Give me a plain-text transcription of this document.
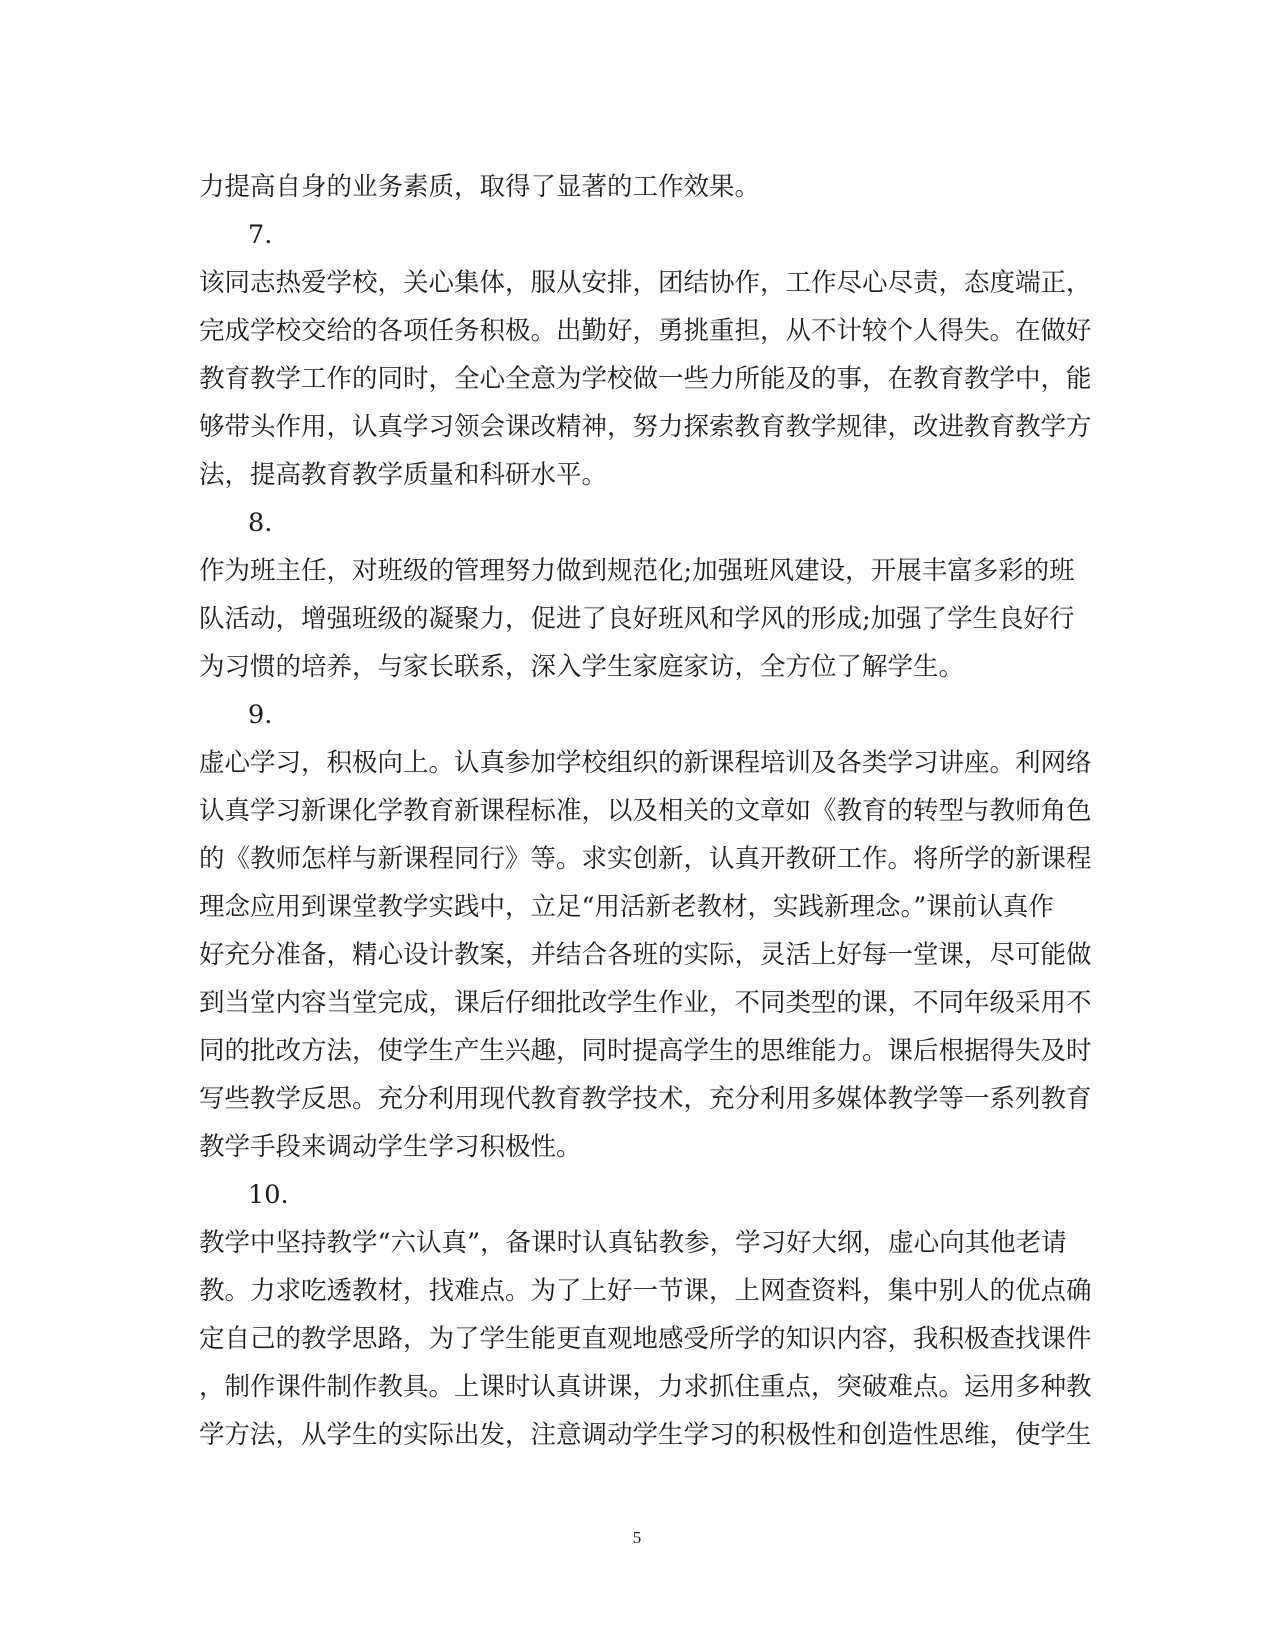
力提高自身的业务素质，取得了显著的工作效果。
7.
该同志热爱学校，关心集体，服从安排，团结协作，工作尽心尽责，态度端正，
完成学校交给的各项任务积极。出勤好，勇挑重担，从不计较个人得失。在做好
教育教学工作的同时，全心全意为学校做一些力所能及的事，在教育教学中，能
够带头作用，认真学习领会课改精神，努力探索教育教学规律，改进教育教学方
法，提高教育教学质量和科研水平。
8.
作为班主任，对班级的管理努力做到规范化;加强班风建设，开展丰富多彩的班
队活动，增强班级的凝聚力，促进了良好班风和学风的形成;加强了学生良好行
为习惯的培养，与家长联系，深入学生家庭家访，全方位了解学生。
9.
虚心学习，积极向上。认真参加学校组织的新课程培训及各类学习讲座。利网络
认真学习新课化学教育新课程标准，以及相关的文章如《教育的转型与教师角色
的《教师怎样与新课程同行》等。求实创新，认真开教研工作。将所学的新课程
理念应用到课堂教学实践中，立足“用活新老教材，实践新理念。”课前认真作
好充分准备，精心设计教案，并结合各班的实际，灵活上好每一堂课，尽可能做
到当堂内容当堂完成，课后仔细批改学生作业，不同类型的课，不同年级采用不
同的批改方法，使学生产生兴趣，同时提高学生的思维能力。课后根据得失及时
写些教学反思。充分利用现代教育教学技术，充分利用多媒体教学等一系列教育
教学手段来调动学生学习积极性。
10.
教学中坚持教学“六认真”，备课时认真钻教参，学习好大纲，虚心向其他老请
教。力求吃透教材，找难点。为了上好一节课，上网查资料，集中别人的优点确
定自己的教学思路，为了学生能更直观地感受所学的知识内容，我积极查找课件
，制作课件制作教具。上课时认真讲课，力求抓住重点，突破难点。运用多种教
学方法，从学生的实际出发，注意调动学生学习的积极性和创造性思维，使学生
5
